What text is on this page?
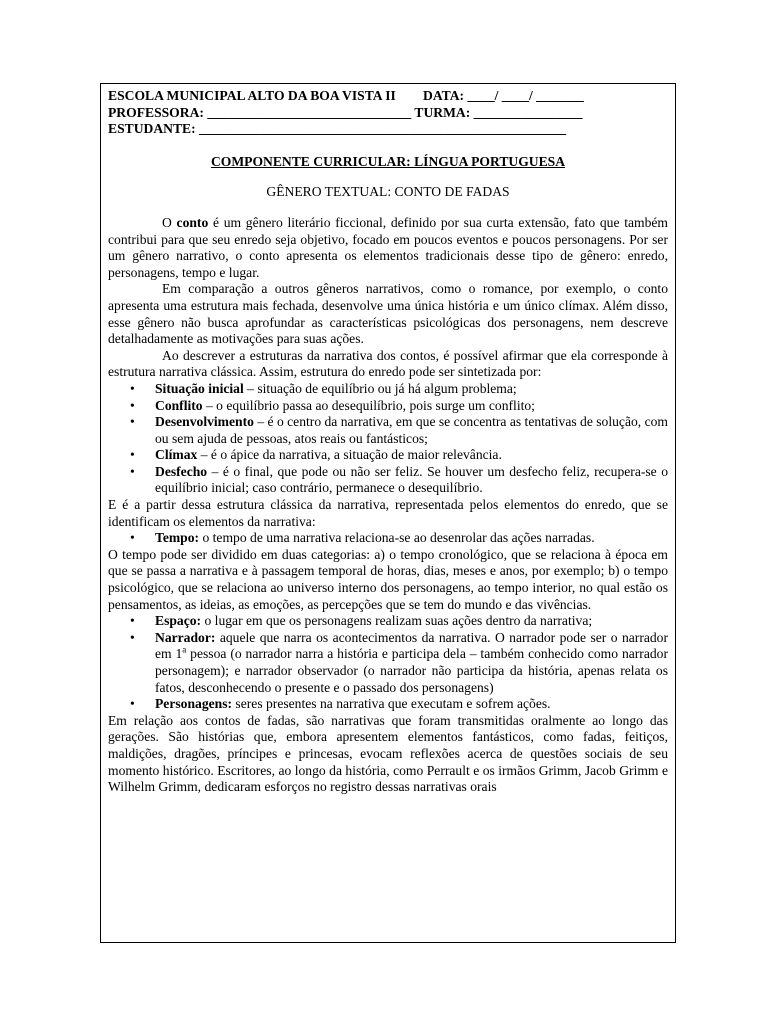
ESCOLA MUNICIPAL ALTO DA BOA VISTA II DATA: ____/ ____/ _______
PROFESSORA: ______________________________ TURMA: ________________
ESTUDANTE: ______________________________________________________
COMPONENTE CURRICULAR: LÍNGUA PORTUGUESA
GÊNERO TEXTUAL: CONTO DE FADAS

O conto é um gênero literário ficcional, definido por sua curta extensão, fato que também contribui para que seu enredo seja objetivo, focado em poucos eventos e poucos personagens. Por ser um gênero narrativo, o conto apresenta os elementos tradicionais desse tipo de gênero: enredo, personagens, tempo e lugar.

Em comparação a outros gêneros narrativos, como o romance, por exemplo, o conto apresenta uma estrutura mais fechada, desenvolve uma única história e um único clímax. Além disso, esse gênero não busca aprofundar as características psicológicas dos personagens, nem descreve detalhadamente as motivações para suas ações.

Ao descrever a estruturas da narrativa dos contos, é possível afirmar que ela corresponde à estrutura narrativa clássica. Assim, estrutura do enredo pode ser sintetizada por:

• Situação inicial – situação de equilíbrio ou já há algum problema;
• Conflito – o equilíbrio passa ao desequilíbrio, pois surge um conflito;
• Desenvolvimento – é o centro da narrativa, em que se concentra as tentativas de solução, com ou sem ajuda de pessoas, atos reais ou fantásticos;
• Clímax – é o ápice da narrativa, a situação de maior relevância.
• Desfecho – é o final, que pode ou não ser feliz. Se houver um desfecho feliz, recupera-se o equilíbrio inicial; caso contrário, permanece o desequilíbrio.

E é a partir dessa estrutura clássica da narrativa, representada pelos elementos do enredo, que se identificam os elementos da narrativa:

• Tempo: o tempo de uma narrativa relaciona-se ao desenrolar das ações narradas.

O tempo pode ser dividido em duas categorias: a) o tempo cronológico, que se relaciona à época em que se passa a narrativa e à passagem temporal de horas, dias, meses e anos, por exemplo; b) o tempo psicológico, que se relaciona ao universo interno dos personagens, ao tempo interior, no qual estão os pensamentos, as ideias, as emoções, as percepções que se tem do mundo e das vivências.

• Espaço: o lugar em que os personagens realizam suas ações dentro da narrativa;
• Narrador: aquele que narra os acontecimentos da narrativa. O narrador pode ser o narrador em 1$^a$ pessoa (o narrador narra a história e participa dela – também conhecido como narrador personagem); e narrador observador (o narrador não participa da história, apenas relata os fatos, desconhecendo o presente e o passado dos personagens)
• Personagens: seres presentes na narrativa que executam e sofrem ações.

Em relação aos contos de fadas, são narrativas que foram transmitidas oralmente ao longo das gerações. São histórias que, embora apresentem elementos fantásticos, como fadas, feitiços, maldições, dragões, príncipes e princesas, evocam reflexões acerca de questões sociais de seu momento histórico. Escritores, ao longo da história, como Perrault e os irmãos Grimm, Jacob Grimm e Wilhelm Grimm, dedicaram esforços no registro dessas narrativas orais
